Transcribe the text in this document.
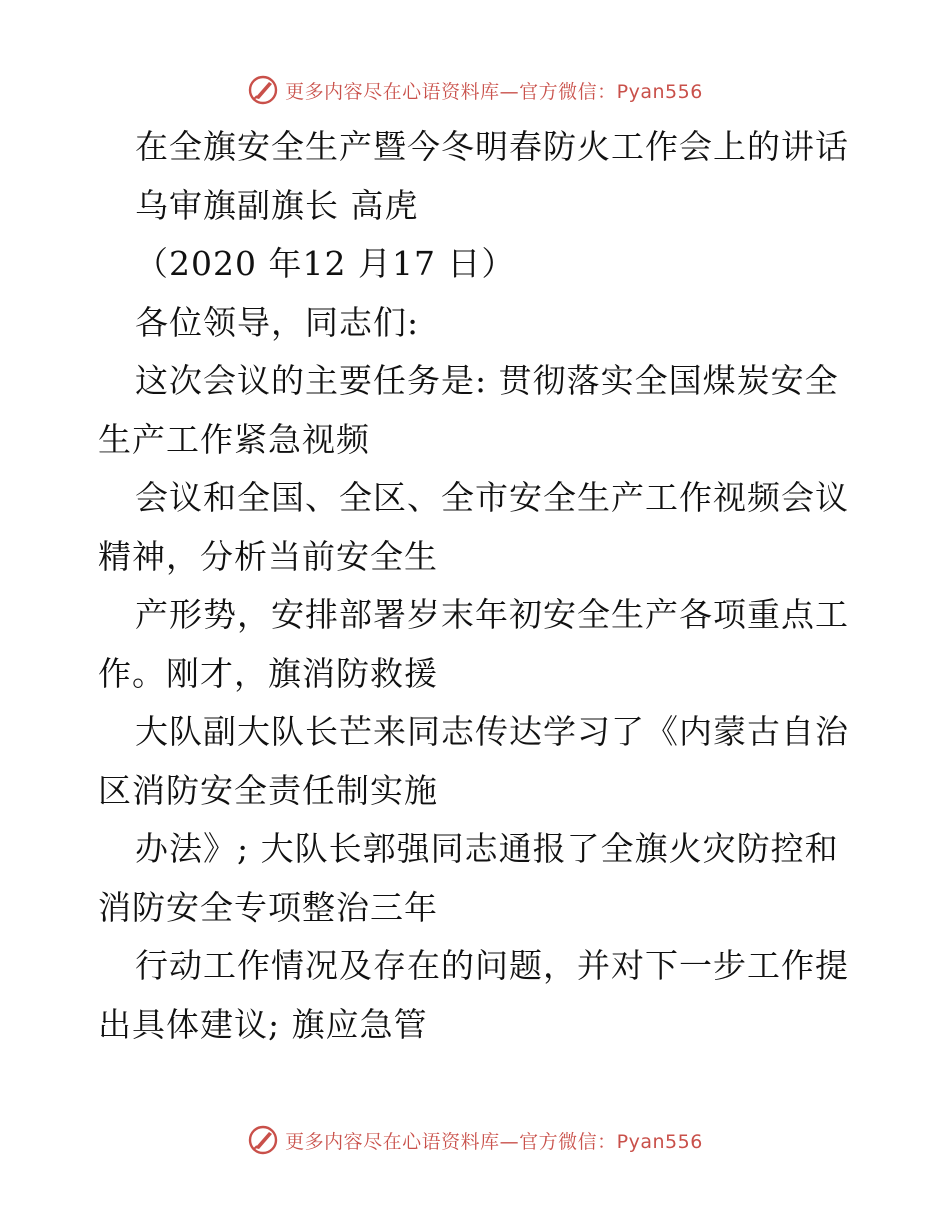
更多内容尽在心语资料库—官方微信：Pyan556
在全旗安全生产暨今冬明春防火工作会上的讲话
乌审旗副旗长 高虎
（2020 年12 月17 日）
各位领导，同志们:
这次会议的主要任务是: 贯彻落实全国煤炭安全
生产工作紧急视频
会议和全国、全区、全市安全生产工作视频会议
精神，分析当前安全生
产形势，安排部署岁末年初安全生产各项重点工
作。刚才，旗消防救援
大队副大队长芒来同志传达学习了《内蒙古自治
区消防安全责任制实施
办法》; 大队长郭强同志通报了全旗火灾防控和
消防安全专项整治三年
行动工作情况及存在的问题，并对下一步工作提
出具体建议; 旗应急管
更多内容尽在心语资料库—官方微信：Pyan556
